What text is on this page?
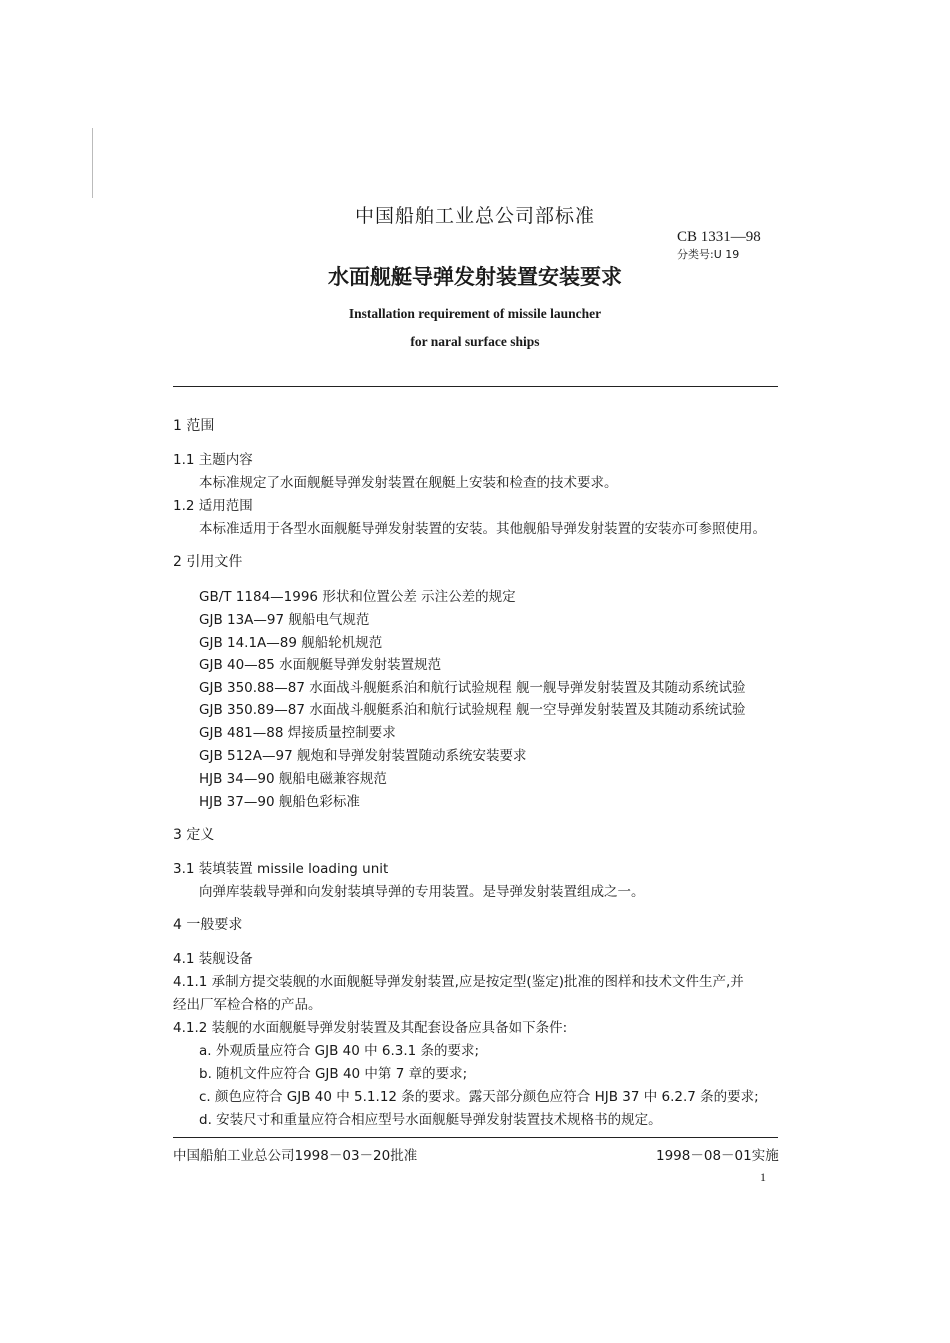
中国船舶工业总公司部标准
CB 1331—98
分类号:U 19
水面舰艇导弹发射装置安装要求
Installation requirement of missile launcher
for naral surface ships
1 范围
1.1 主题内容
本标准规定了水面舰艇导弹发射装置在舰艇上安装和检查的技术要求。
1.2 适用范围
本标准适用于各型水面舰艇导弹发射装置的安装。其他舰船导弹发射装置的安装亦可参照使用。
2 引用文件
GB/T 1184—1996 形状和位置公差 示注公差的规定
GJB 13A—97 舰船电气规范
GJB 14.1A—89 舰船轮机规范
GJB 40—85 水面舰艇导弹发射装置规范
GJB 350.88—87 水面战斗舰艇系泊和航行试验规程 舰一舰导弹发射装置及其随动系统试验
GJB 350.89—87 水面战斗舰艇系泊和航行试验规程 舰一空导弹发射装置及其随动系统试验
GJB 481—88 焊接质量控制要求
GJB 512A—97 舰炮和导弹发射装置随动系统安装要求
HJB 34—90 舰船电磁兼容规范
HJB 37—90 舰船色彩标准
3 定义
3.1 装填装置 missile loading unit
向弹库装载导弹和向发射装填导弹的专用装置。是导弹发射装置组成之一。
4 一般要求
4.1 装舰设备
4.1.1 承制方提交装舰的水面舰艇导弹发射装置,应是按定型(鉴定)批准的图样和技术文件生产,并
经出厂军检合格的产品。
4.1.2 装舰的水面舰艇导弹发射装置及其配套设备应具备如下条件:
a. 外观质量应符合 GJB 40 中 6.3.1 条的要求;
b. 随机文件应符合 GJB 40 中第 7 章的要求;
c. 颜色应符合 GJB 40 中 5.1.12 条的要求。露天部分颜色应符合 HJB 37 中 6.2.7 条的要求;
d. 安装尺寸和重量应符合相应型号水面舰艇导弹发射装置技术规格书的规定。
中国船舶工业总公司1998－03－20批准	1998－08－01实施
1
